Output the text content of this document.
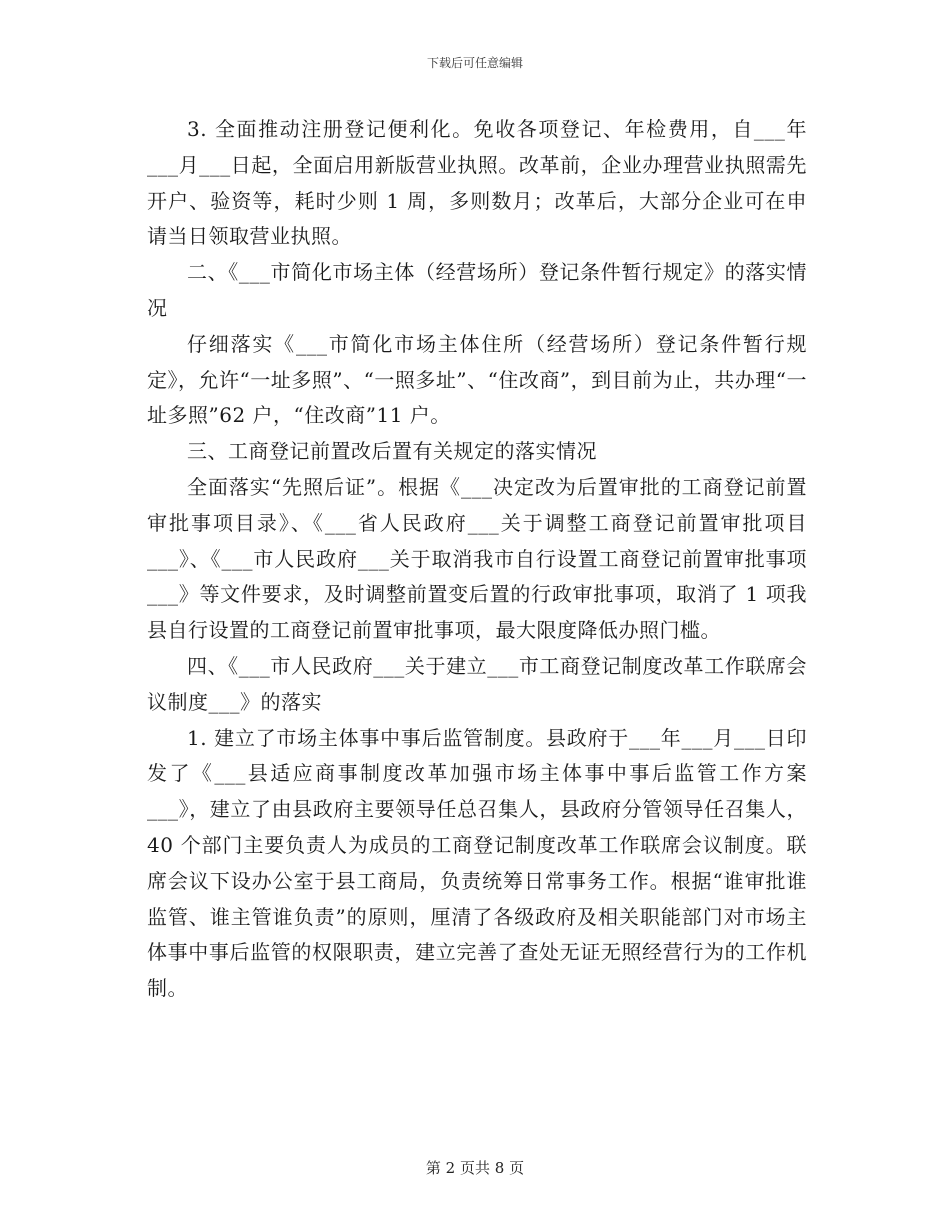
下载后可任意编辑

3. 全面推动注册登记便利化。免收各项登记、年检费用，自___年___月___日起，全面启用新版营业执照。改革前，企业办理营业执照需先开户、验资等，耗时少则 1 周，多则数月；改革后，大部分企业可在申请当日领取营业执照。

二、《___市简化市场主体（经营场所）登记条件暂行规定》的落实情况

仔细落实《___市简化市场主体住所（经营场所）登记条件暂行规定》，允许“一址多照”、“一照多址”、“住改商”，到目前为止，共办理“一址多照”62 户，“住改商”11 户。

三、工商登记前置改后置有关规定的落实情况

全面落实“先照后证”。根据《___决定改为后置审批的工商登记前置审批事项目录》、《___省人民政府___关于调整工商登记前置审批项目___》、《___市人民政府___关于取消我市自行设置工商登记前置审批事项___》等文件要求，及时调整前置变后置的行政审批事项，取消了 1 项我县自行设置的工商登记前置审批事项，最大限度降低办照门槛。

四、《___市人民政府___关于建立___市工商登记制度改革工作联席会议制度___》的落实

1. 建立了市场主体事中事后监管制度。县政府于___年___月___日印发了《___县适应商事制度改革加强市场主体事中事后监管工作方案___》，建立了由县政府主要领导任总召集人，县政府分管领导任召集人，40 个部门主要负责人为成员的工商登记制度改革工作联席会议制度。联席会议下设办公室于县工商局，负责统筹日常事务工作。根据“谁审批谁监管、谁主管谁负责”的原则，厘清了各级政府及相关职能部门对市场主体事中事后监管的权限职责，建立完善了查处无证无照经营行为的工作机制。

第 2 页共 8 页
